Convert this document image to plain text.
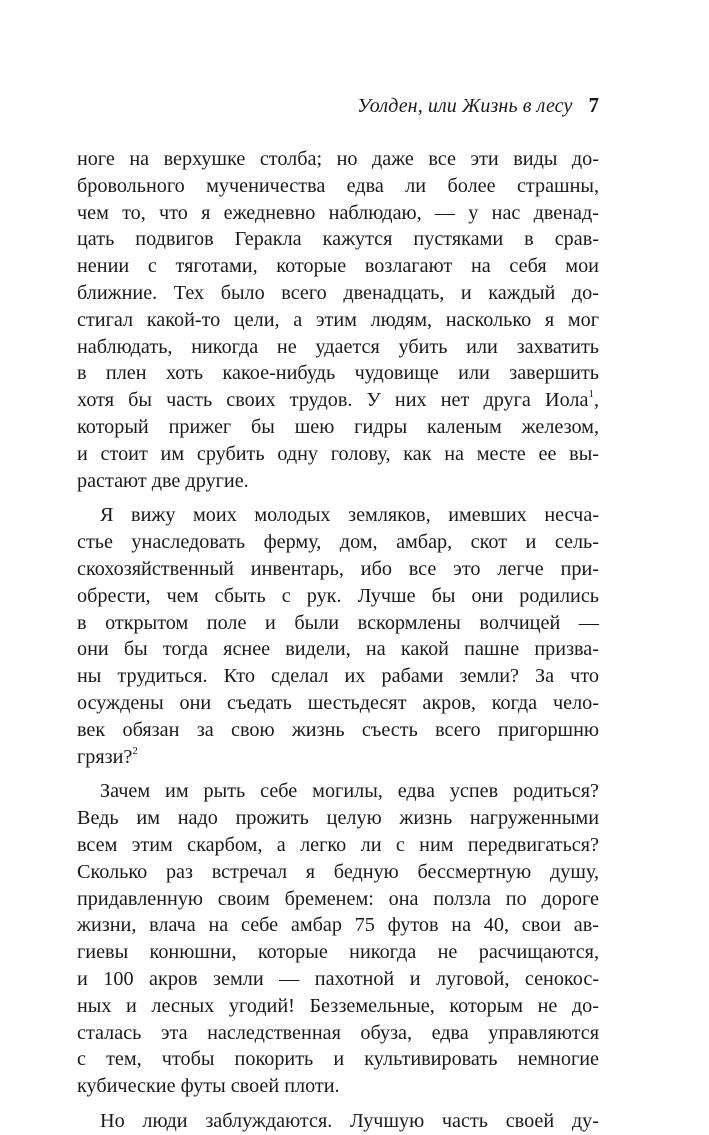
Уолден, или Жизнь в лесу 7
ноге на верхушке столба; но даже все эти виды до-
бровольного мученичества едва ли более страшны,
чем то, что я ежедневно наблюдаю, — у нас двенад-
цать подвигов Геракла кажутся пустяками в срав-
нении с тяготами, которые возлагают на себя мои
ближние. Тех было всего двенадцать, и каждый до-
стигал какой-то цели, а этим людям, насколько я мог
наблюдать, никогда не удается убить или захватить
в плен хоть какое-нибудь чудовище или завершить
хотя бы часть своих трудов. У них нет друга Иола$^1$,
который прижег бы шею гидры каленым железом,
и стоит им срубить одну голову, как на месте ее вы-
растают две другие.
Я вижу моих молодых земляков, имевших несча-
стье унаследовать ферму, дом, амбар, скот и сель-
скохозяйственный инвентарь, ибо все это легче при-
обрести, чем сбыть с рук. Лучше бы они родились
в открытом поле и были вскормлены волчицей —
они бы тогда яснее видели, на какой пашне призва-
ны трудиться. Кто сделал их рабами земли? За что
осуждены они съедать шестьдесят акров, когда чело-
век обязан за свою жизнь съесть всего пригоршню
грязи?$^2$
Зачем им рыть себе могилы, едва успев родиться?
Ведь им надо прожить целую жизнь нагруженными
всем этим скарбом, а легко ли с ним передвигаться?
Сколько раз встречал я бедную бессмертную душу,
придавленную своим бременем: она ползла по дороге
жизни, влача на себе амбар 75 футов на 40, свои ав-
гиевы конюшни, которые никогда не расчищаются,
и 100 акров земли — пахотной и луговой, сенокос-
ных и лесных угодий! Безземельные, которым не до-
сталась эта наследственная обуза, едва управляются
с тем, чтобы покорить и культивировать немногие
кубические футы своей плоти.
Но люди заблуждаются. Лучшую часть своей ду-
